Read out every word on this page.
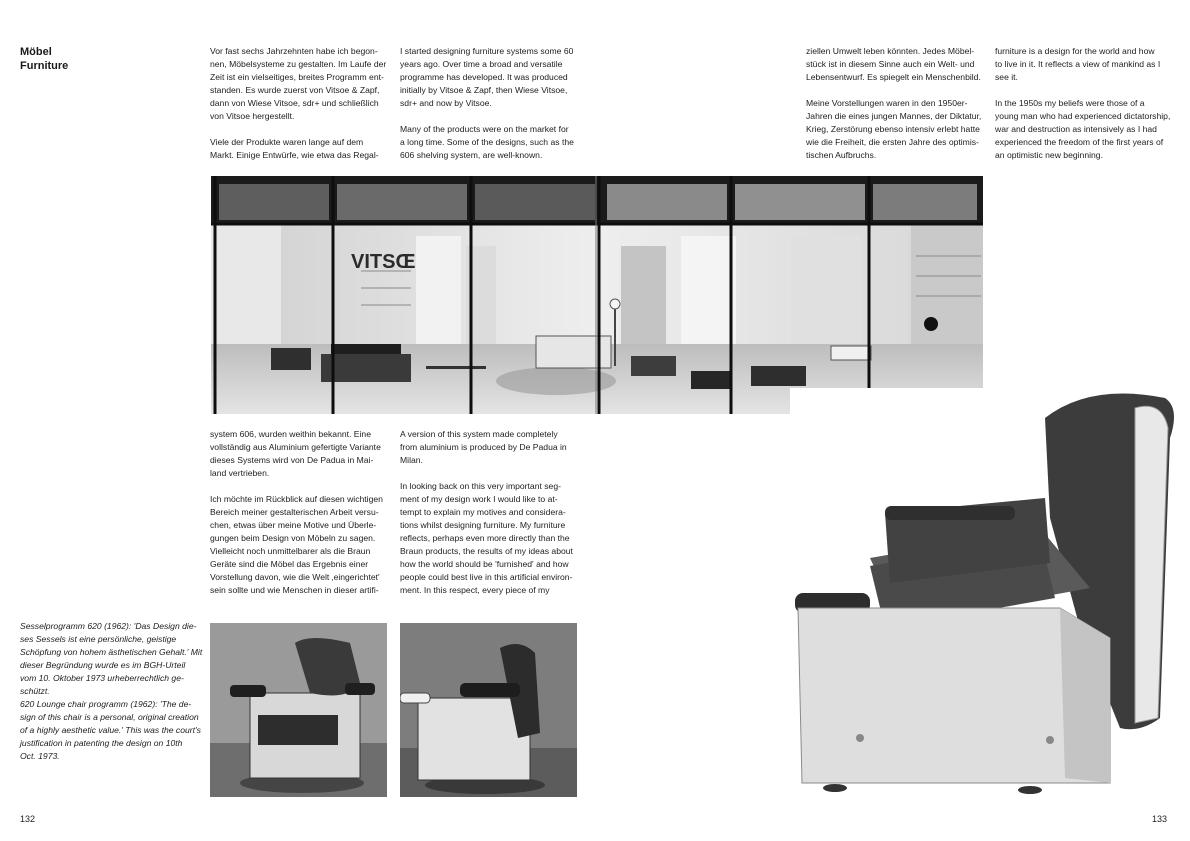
Möbel
Furniture

Vor fast sechs Jahrzehnten habe ich begon-
nen, Möbelsysteme zu gestalten. Im Laufe der
Zeit ist ein vielseitiges, breites Programm ent-
standen. Es wurde zuerst von Vitsoe & Zapf,
dann von Wiese Vitsoe, sdr+ und schließlich
von Vitsoe hergestellt.

Viele der Produkte waren lange auf dem
Markt. Einige Entwürfe, wie etwa das Regal-

I started designing furniture systems some 60
years ago. Over time a broad and versatile
programme has developed. It was produced
initially by Vitsoe & Zapf, then Wiese Vitsoe,
sdr+ and now by Vitsoe.

Many of the products were on the market for
a long time. Some of the designs, such as the
606 shelving system, are well-known.

VITSŒ

system 606, wurden weithin bekannt. Eine
vollständig aus Aluminium gefertigte Variante
dieses Systems wird von De Padua in Mai-
land vertrieben.

Ich möchte im Rückblick auf diesen wichtigen
Bereich meiner gestalterischen Arbeit versu-
chen, etwas über meine Motive und Überle-
gungen beim Design von Möbeln zu sagen.
Vielleicht noch unmittelbarer als die Braun
Geräte sind die Möbel das Ergebnis einer
Vorstellung davon, wie die Welt ‚eingerichtet'
sein sollte und wie Menschen in dieser artifi-

A version of this system made completely
from aluminium is produced by De Padua in
Milan.

In looking back on this very important seg-
ment of my design work I would like to at-
tempt to explain my motives and considera-
tions whilst designing furniture. My furniture
reflects, perhaps even more directly than the
Braun products, the results of my ideas about
how the world should be 'furnished' and how
people could best live in this artificial environ-
ment. In this respect, every piece of my

Sesselprogramm 620 (1962): 'Das Design die-
ses Sessels ist eine persönliche, geistige
Schöpfung von hohem ästhetischen Gehalt.' Mit
dieser Begründung wurde es im BGH-Urteil
vom 10. Oktober 1973 urheberrechtlich ge-
schützt.
620 Lounge chair programm (1962): 'The de-
sign of this chair is a personal, original creation
of a highly aesthetic value.' This was the court's
justification in patenting the design on 10th
Oct. 1973.
132

ziellen Umwelt leben könnten. Jedes Möbel-
stück ist in diesem Sinne auch ein Welt- und
Lebensentwurf. Es spiegelt ein Menschenbild.

Meine Vorstellungen waren in den 1950er-
Jahren die eines jungen Mannes, der Diktatur,
Krieg, Zerstörung ebenso intensiv erlebt hatte
wie die Freiheit, die ersten Jahre des optimis-
tischen Aufbruchs.

furniture is a design for the world and how
to live in it. It reflects a view of mankind as I
see it.

In the 1950s my beliefs were those of a
young man who had experienced dictatorship,
war and destruction as intensively as I had
experienced the freedom of the first years of
an optimistic new beginning.

133
